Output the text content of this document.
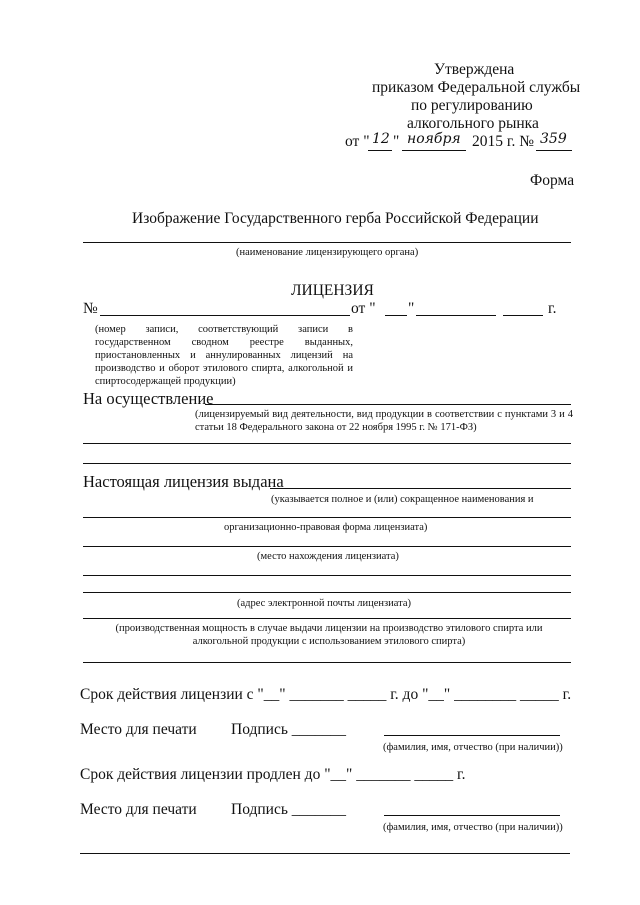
Утверждена
приказом Федеральной службы
по регулированию
алкогольного рынка
от " 12 " ноября 2015 г. № 359
Форма
Изображение Государственного герба Российской Федерации
(наименование лицензирующего органа)
ЛИЦЕНЗИЯ
№	от " "	г.
(номер записи, соответствующий записи в государственном сводном реестре выданных, приостановленных и аннулированных лицензий на производство и оборот этилового спирта, алкогольной и спиртосодержащей продукции)
На осуществление
(лицензируемый вид деятельности, вид продукции в соответствии с пунктами 3 и 4 статьи 18 Федерального закона от 22 ноября 1995 г. № 171-ФЗ)
Настоящая лицензия выдана
(указывается полное и (или) сокращенное наименования и
организационно-правовая форма лицензиата)
(место нахождения лицензиата)
(адрес электронной почты лицензиата)
(производственная мощность в случае выдачи лицензии на производство этилового спирта или алкогольной продукции с использованием этилового спирта)
Срок действия лицензии с "__" _______ _____ г. до "__" ________ _____ г.
Место для печати Подпись _______
(фамилия, имя, отчество (при наличии))
Срок действия лицензии продлен до "__" _______ _____ г.
Место для печати Подпись _______
(фамилия, имя, отчество (при наличии))
